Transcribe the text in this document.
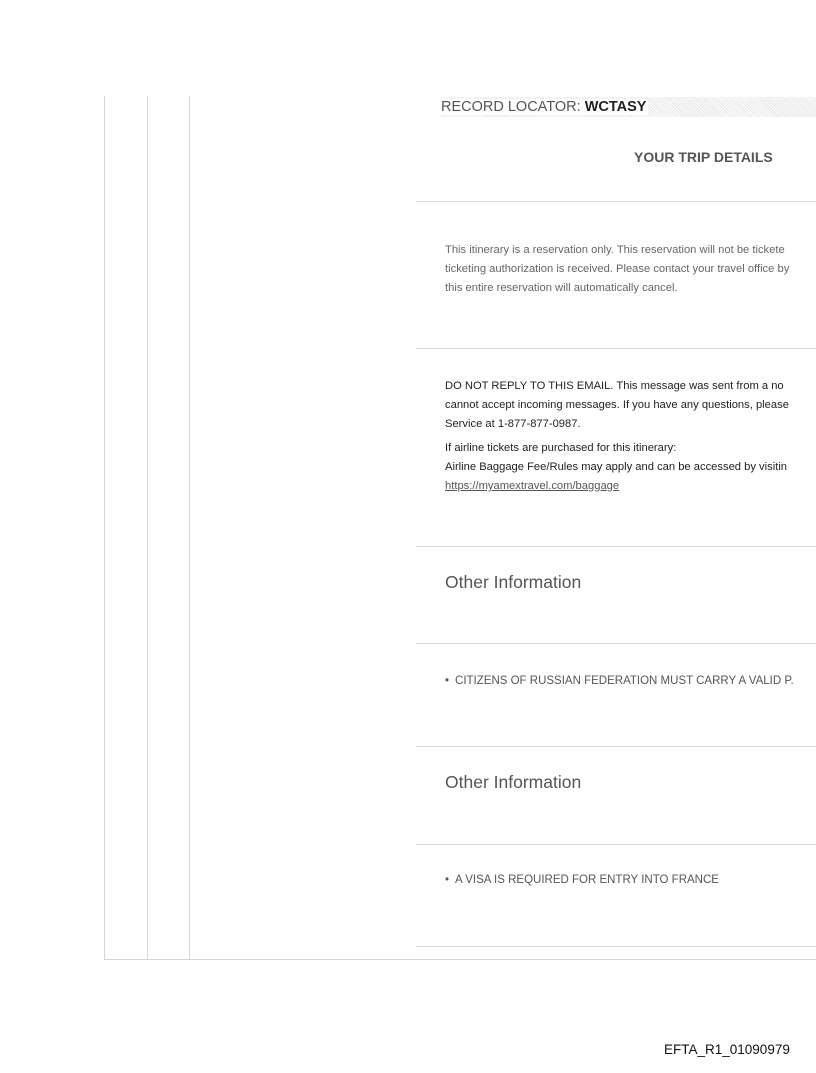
RECORD LOCATOR: WCTASY
YOUR TRIP DETAILS
This itinerary is a reservation only. This reservation will not be tickete
ticketing authorization is received. Please contact your travel office by
this entire reservation will automatically cancel.
DO NOT REPLY TO THIS EMAIL. This message was sent from a no
cannot accept incoming messages. If you have any questions, please
Service at 1-877-877-0987.
If airline tickets are purchased for this itinerary:
Airline Baggage Fee/Rules may apply and can be accessed by visitin
https://myamextravel.com/baggage
Other Information
• CITIZENS OF RUSSIAN FEDERATION MUST CARRY A VALID P.
Other Information
• A VISA IS REQUIRED FOR ENTRY INTO FRANCE
EFTA_R1_01090979
